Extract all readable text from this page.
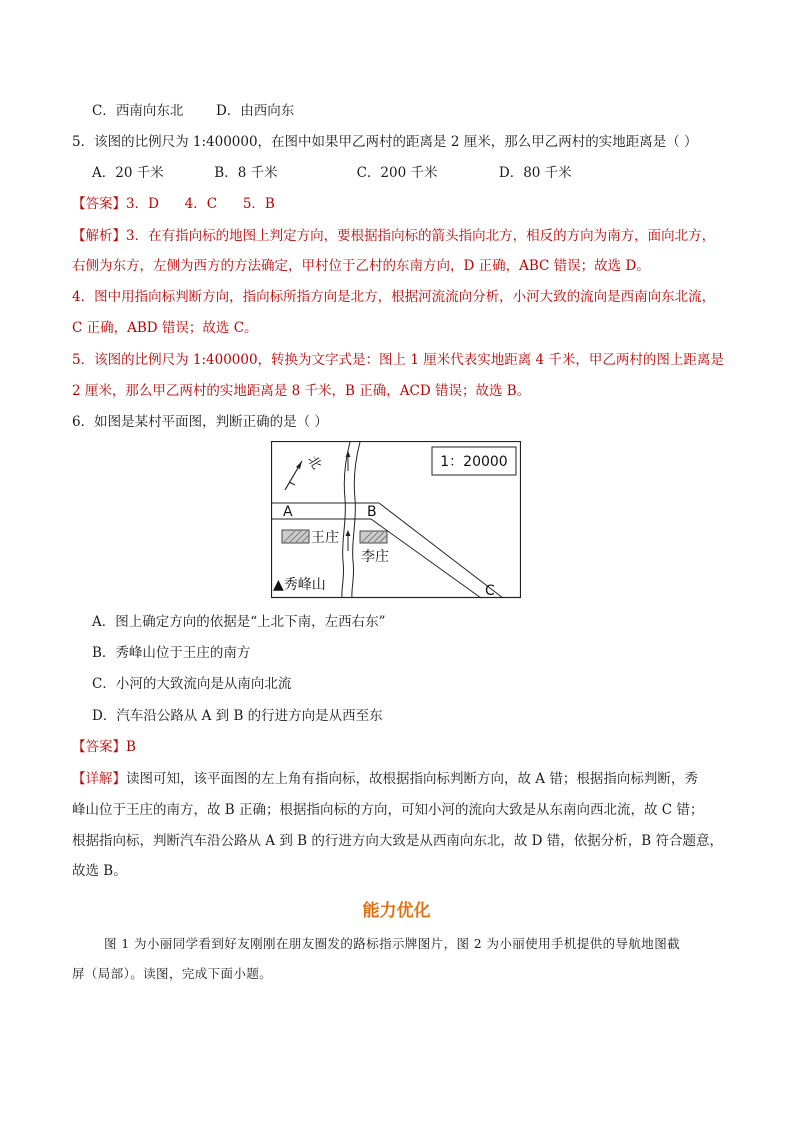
C．西南向东北 D．由西向东
5．该图的比例尺为 1:400000，在图中如果甲乙两村的距离是 2 厘米，那么甲乙两村的实地距离是（ ）
A．20 千米	B．8 千米	C．200 千米	D．80 千米
【答案】3．D      4．C      5．B
【解析】3．在有指向标的地图上判定方向，要根据指向标的箭头指向北方，相反的方向为南方，面向北方，
右侧为东方，左侧为西方的方法确定，甲村位于乙村的东南方向，D 正确，ABC 错误；故选 D。
4．图中用指向标判断方向，指向标所指方向是北方，根据河流流向分析，小河大致的流向是西南向东北流，
C 正确，ABD 错误；故选 C。
5．该图的比例尺为 1:400000，转换为文字式是：图上 1 厘米代表实地距离 4 千米，甲乙两村的图上距离是
2 厘米，那么甲乙两村的实地距离是 8 千米，B 正确，ACD 错误；故选 B。
6．如图是某村平面图，判断正确的是（ ）
1：20000
北
A	B
C
王庄
李庄
▲秀峰山
A．图上确定方向的依据是“上北下南，左西右东”
B．秀峰山位于王庄的南方
C．小河的大致流向是从南向北流
D．汽车沿公路从 A 到 B 的行进方向是从西至东
【答案】B
【详解】读图可知，该平面图的左上角有指向标，故根据指向标判断方向，故 A 错；根据指向标判断，秀
峰山位于王庄的南方，故 B 正确；根据指向标的方向，可知小河的流向大致是从东南向西北流，故 C 错；
根据指向标，判断汽车沿公路从 A 到 B 的行进方向大致是从西南向东北，故 D 错，依据分析，B 符合题意，
故选 B。
能力优化
图 1 为小丽同学看到好友刚刚在朋友圈发的路标指示牌图片，图 2 为小丽使用手机提供的导航地图截
屏（局部）。读图，完成下面小题。
